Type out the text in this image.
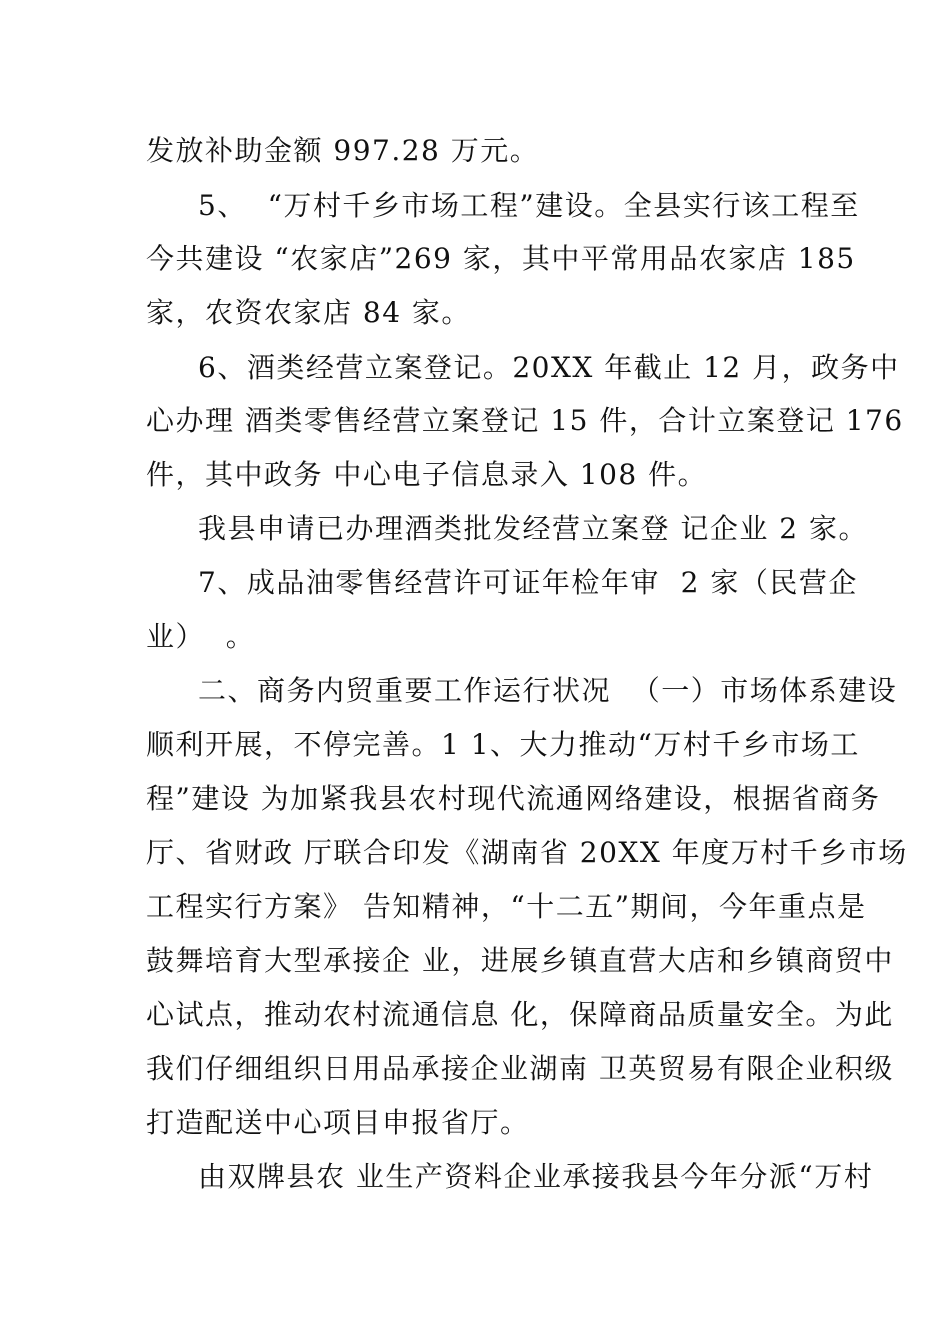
发放补助金额 997.28 万元。
5、  “万村千乡市场工程”建设。全县实行该工程至
今共建设 “农家店”269 家，其中平常用品农家店 185
家，农资农家店 84 家。
6、酒类经营立案登记。20XX 年截止 12 月，政务中
心办理 酒类零售经营立案登记 15 件，合计立案登记 176
件，其中政务 中心电子信息录入 108 件。
我县申请已办理酒类批发经营立案登 记企业 2 家。
7、成品油零售经营许可证年检年审  2 家（民营企
业）  。
二、商务内贸重要工作运行状况  （一）市场体系建设
顺利开展，不停完善。1 1、大力推动“万村千乡市场工
程”建设 为加紧我县农村现代流通网络建设，根据省商务
厅、省财政 厅联合印发《湖南省 20XX 年度万村千乡市场
工程实行方案》 告知精神，“十二五”期间，今年重点是
鼓舞培育大型承接企 业，进展乡镇直营大店和乡镇商贸中
心试点，推动农村流通信息 化，保障商品质量安全。为此
我们仔细组织日用品承接企业湖南 卫英贸易有限企业积级
打造配送中心项目申报省厅。
由双牌县农 业生产资料企业承接我县今年分派“万村
